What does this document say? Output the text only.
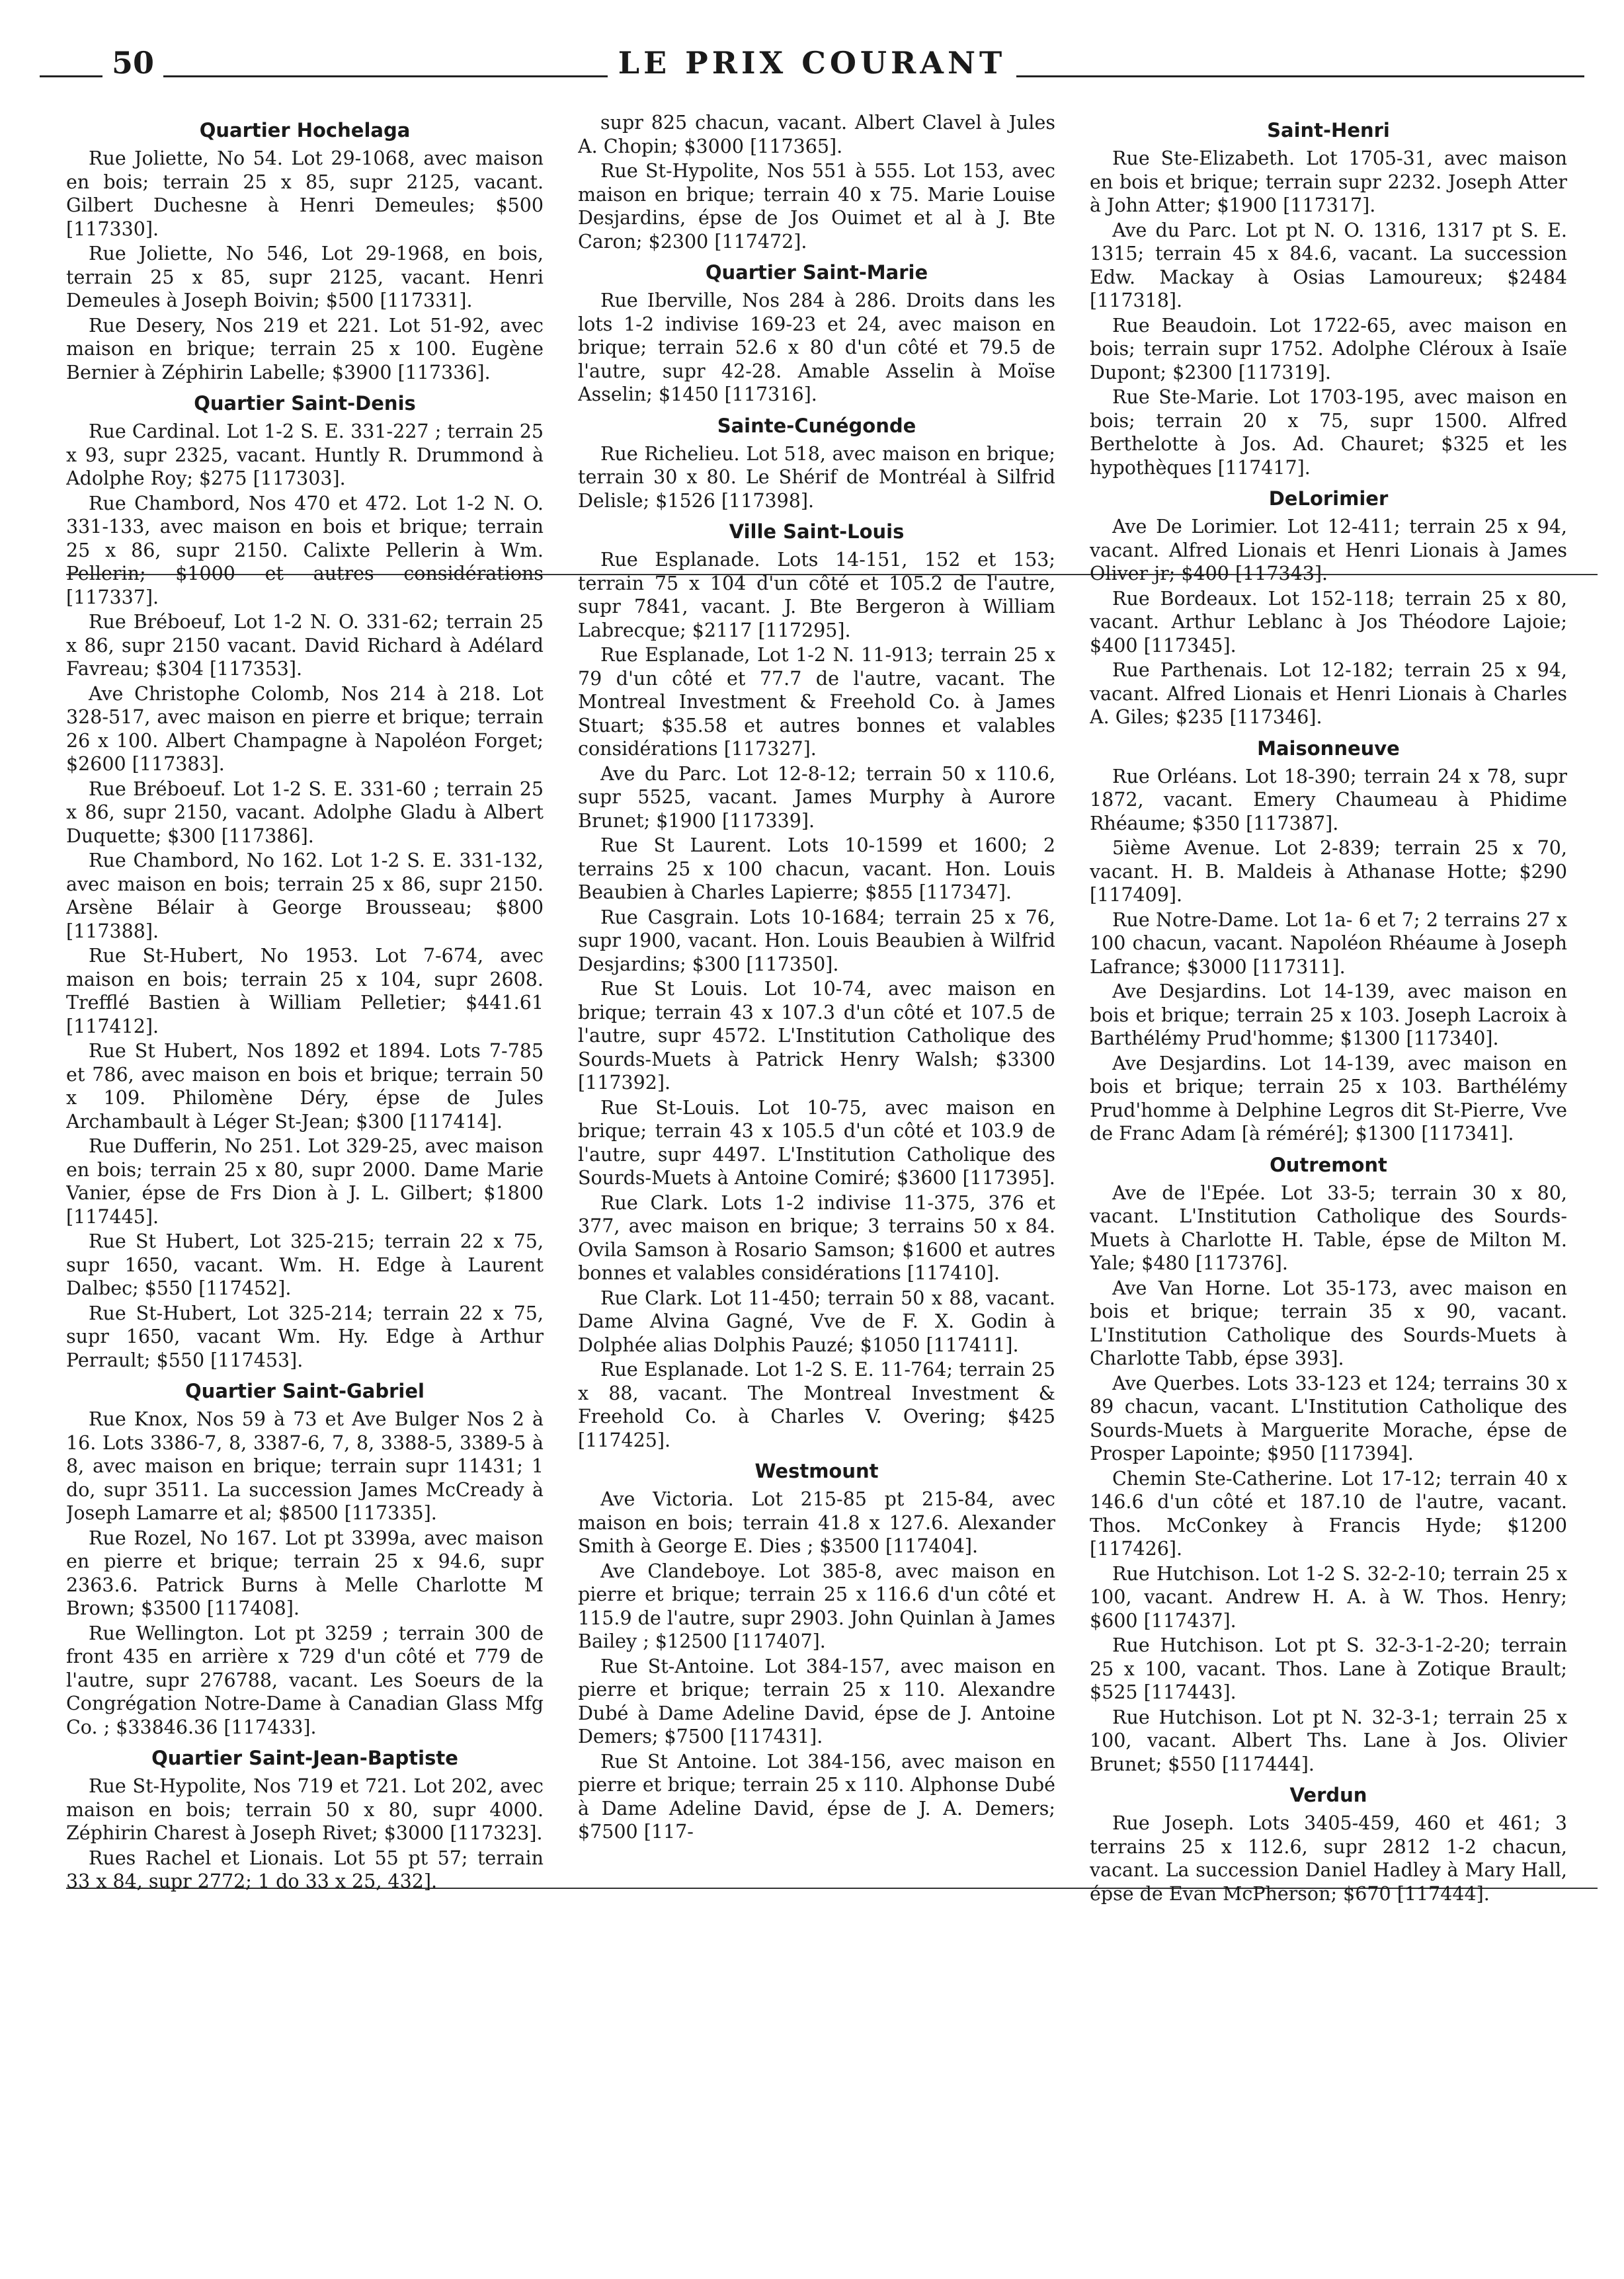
50	LE PRIX COURANT
Quartier Hochelaga

Rue Joliette, No 54. Lot 29-1068, avec maison en bois; terrain 25 x 85, supr 2125, vacant. Gilbert Duchesne à Henri Demeules; $500 [117330].

Rue Joliette, No 546, Lot 29-1968, en bois, terrain 25 x 85, supr 2125, vacant. Henri Demeules à Joseph Boivin; $500 [117331].

Rue Desery, Nos 219 et 221. Lot 51-92, avec maison en brique; terrain 25 x 100. Eugène Bernier à Zéphirin Labelle; $3900 [117336].

Quartier Saint-Denis

Rue Cardinal. Lot 1-2 S. E. 331-227 ; terrain 25 x 93, supr 2325, vacant. Huntly R. Drummond à Adolphe Roy; $275 [117303].

Rue Chambord, Nos 470 et 472. Lot 1-2 N. O. 331-133, avec maison en bois et brique; terrain 25 x 86, supr 2150. Calixte Pellerin à Wm. Pellerin; $1000 et autres considérations [117337].

Rue Bréboeuf, Lot 1-2 N. O. 331-62; terrain 25 x 86, supr 2150 vacant. David Richard à Adélard Favreau; $304 [117353].

Ave Christophe Colomb, Nos 214 à 218. Lot 328-517, avec maison en pierre et brique; terrain 26 x 100. Albert Champagne à Napoléon Forget; $2600 [117383].

Rue Bréboeuf. Lot 1-2 S. E. 331-60 ; terrain 25 x 86, supr 2150, vacant. Adolphe Gladu à Albert Duquette; $300 [117386].

Rue Chambord, No 162. Lot 1-2 S. E. 331-132, avec maison en bois; terrain 25 x 86, supr 2150. Arsène Bélair à George Brousseau; $800 [117388].

Rue St-Hubert, No 1953. Lot 7-674, avec maison en bois; terrain 25 x 104, supr 2608. Trefflé Bastien à William Pelletier; $441.61 [117412].

Rue St Hubert, Nos 1892 et 1894. Lots 7-785 et 786, avec maison en bois et brique; terrain 50 x 109. Philomène Déry, épse de Jules Archambault à Léger St-Jean; $300 [117414].

Rue Dufferin, No 251. Lot 329-25, avec maison en bois; terrain 25 x 80, supr 2000. Dame Marie Vanier, épse de Frs Dion à J. L. Gilbert; $1800 [117445].

Rue St Hubert, Lot 325-215; terrain 22 x 75, supr 1650, vacant. Wm. H. Edge à Laurent Dalbec; $550 [117452].

Rue St-Hubert, Lot 325-214; terrain 22 x 75, supr 1650, vacant Wm. Hy. Edge à Arthur Perrault; $550 [117453].

Quartier Saint-Gabriel

Rue Knox, Nos 59 à 73 et Ave Bulger Nos 2 à 16. Lots 3386-7, 8, 3387-6, 7, 8, 3388-5, 3389-5 à 8, avec maison en brique; terrain supr 11431; 1 do, supr 3511. La succession James McCready à Joseph Lamarre et al; $8500 [117335].

Rue Rozel, No 167. Lot pt 3399a, avec maison en pierre et brique; terrain 25 x 94.6, supr 2363.6. Patrick Burns à Melle Charlotte M Brown; $3500 [117408].

Rue Wellington. Lot pt 3259 ; terrain 300 de front 435 en arrière x 729 d'un côté et 779 de l'autre, supr 276788, vacant. Les Soeurs de la Congrégation Notre-Dame à Canadian Glass Mfg Co. ; $33846.36 [117433].

Quartier Saint-Jean-Baptiste

Rue St-Hypolite, Nos 719 et 721. Lot 202, avec maison en bois; terrain 50 x 80, supr 4000. Zéphirin Charest à Joseph Rivet; $3000 [117323].

Rues Rachel et Lionais. Lot 55 pt 57; terrain 33 x 84, supr 2772; 1 do 33 x 25, 432].

supr 825 chacun, vacant. Albert Clavel à Jules A. Chopin; $3000 [117365].

Rue St-Hypolite, Nos 551 à 555. Lot 153, avec maison en brique; terrain 40 x 75. Marie Louise Desjardins, épse de Jos Ouimet et al à J. Bte Caron; $2300 [117472].

Quartier Saint-Marie

Rue Iberville, Nos 284 à 286. Droits dans les lots 1-2 indivise 169-23 et 24, avec maison en brique; terrain 52.6 x 80 d'un côté et 79.5 de l'autre, supr 42-28. Amable Asselin à Moïse Asselin; $1450 [117316].

Sainte-Cunégonde

Rue Richelieu. Lot 518, avec maison en brique; terrain 30 x 80. Le Shérif de Montréal à Silfrid Delisle; $1526 [117398].

Ville Saint-Louis

Rue Esplanade. Lots 14-151, 152 et 153; terrain 75 x 104 d'un côté et 105.2 de l'autre, supr 7841, vacant. J. Bte Bergeron à William Labrecque; $2117 [117295].

Rue Esplanade, Lot 1-2 N. 11-913; terrain 25 x 79 d'un côté et 77.7 de l'autre, vacant. The Montreal Investment & Freehold Co. à James Stuart; $35.58 et autres bonnes et valables considérations [117327].

Ave du Parc. Lot 12-8-12; terrain 50 x 110.6, supr 5525, vacant. James Murphy à Aurore Brunet; $1900 [117339].

Rue St Laurent. Lots 10-1599 et 1600; 2 terrains 25 x 100 chacun, vacant. Hon. Louis Beaubien à Charles Lapierre; $855 [117347].

Rue Casgrain. Lots 10-1684; terrain 25 x 76, supr 1900, vacant. Hon. Louis Beaubien à Wilfrid Desjardins; $300 [117350].

Rue St Louis. Lot 10-74, avec maison en brique; terrain 43 x 107.3 d'un côté et 107.5 de l'autre, supr 4572. L'Institution Catholique des Sourds-Muets à Patrick Henry Walsh; $3300 [117392].

Rue St-Louis. Lot 10-75, avec maison en brique; terrain 43 x 105.5 d'un côté et 103.9 de l'autre, supr 4497. L'Institution Catholique des Sourds-Muets à Antoine Comiré; $3600 [117395].

Rue Clark. Lots 1-2 indivise 11-375, 376 et 377, avec maison en brique; 3 terrains 50 x 84. Ovila Samson à Rosario Samson; $1600 et autres bonnes et valables considérations [117410].

Rue Clark. Lot 11-450; terrain 50 x 88, vacant. Dame Alvina Gagné, Vve de F. X. Godin à Dolphée alias Dolphis Pauzé; $1050 [117411].

Rue Esplanade. Lot 1-2 S. E. 11-764; terrain 25 x 88, vacant. The Montreal Investment & Freehold Co. à Charles V. Overing; $425 [117425].

Westmount

Ave Victoria. Lot 215-85 pt 215-84, avec maison en bois; terrain 41.8 x 127.6. Alexander Smith à George E. Dies ; $3500 [117404].

Ave Clandeboye. Lot 385-8, avec maison en pierre et brique; terrain 25 x 116.6 d'un côté et 115.9 de l'autre, supr 2903. John Quinlan à James Bailey ; $12500 [117407].

Rue St-Antoine. Lot 384-157, avec maison en pierre et brique; terrain 25 x 110. Alexandre Dubé à Dame Adeline David, épse de J. Antoine Demers; $7500 [117431].

Rue St Antoine. Lot 384-156, avec maison en pierre et brique; terrain 25 x 110. Alphonse Dubé à Dame Adeline David, épse de J. A. Demers; $7500 [117-

Saint-Henri

Rue Ste-Elizabeth. Lot 1705-31, avec maison en bois et brique; terrain supr 2232. Joseph Atter à John Atter; $1900 [117317].

Ave du Parc. Lot pt N. O. 1316, 1317 pt S. E. 1315; terrain 45 x 84.6, vacant. La succession Edw. Mackay à Osias Lamoureux; $2484 [117318].

Rue Beaudoin. Lot 1722-65, avec maison en bois; terrain supr 1752. Adolphe Cléroux à Isaïe Dupont; $2300 [117319].

Rue Ste-Marie. Lot 1703-195, avec maison en bois; terrain 20 x 75, supr 1500. Alfred Berthelotte à Jos. Ad. Chauret; $325 et les hypothèques [117417].

DeLorimier

Ave De Lorimier. Lot 12-411; terrain 25 x 94, vacant. Alfred Lionais et Henri Lionais à James Oliver jr; $400 [117343].

Rue Bordeaux. Lot 152-118; terrain 25 x 80, vacant. Arthur Leblanc à Jos Théodore Lajoie; $400 [117345].

Rue Parthenais. Lot 12-182; terrain 25 x 94, vacant. Alfred Lionais et Henri Lionais à Charles A. Giles; $235 [117346].

Maisonneuve

Rue Orléans. Lot 18-390; terrain 24 x 78, supr 1872, vacant. Emery Chaumeau à Phidime Rhéaume; $350 [117387].

5ième Avenue. Lot 2-839; terrain 25 x 70, vacant. H. B. Maldeis à Athanase Hotte; $290 [117409].

Rue Notre-Dame. Lot 1a- 6 et 7; 2 terrains 27 x 100 chacun, vacant. Napoléon Rhéaume à Joseph Lafrance; $3000 [117311].

Ave Desjardins. Lot 14-139, avec maison en bois et brique; terrain 25 x 103. Joseph Lacroix à Barthélémy Prud'homme; $1300 [117340].

Ave Desjardins. Lot 14-139, avec maison en bois et brique; terrain 25 x 103. Barthélémy Prud'homme à Delphine Legros dit St-Pierre, Vve de Franc Adam [à réméré]; $1300 [117341].

Outremont

Ave de l'Epée. Lot 33-5; terrain 30 x 80, vacant. L'Institution Catholique des Sourds-Muets à Charlotte H. Table, épse de Milton M. Yale; $480 [117376].

Ave Van Horne. Lot 35-173, avec maison en bois et brique; terrain 35 x 90, vacant. L'Institution Catholique des Sourds-Muets à Charlotte Tabb, épse 393].

Ave Querbes. Lots 33-123 et 124; terrains 30 x 89 chacun, vacant. L'Institution Catholique des Sourds-Muets à Marguerite Morache, épse de Prosper Lapointe; $950 [117394].

Chemin Ste-Catherine. Lot 17-12; terrain 40 x 146.6 d'un côté et 187.10 de l'autre, vacant. Thos. McConkey à Francis Hyde; $1200 [117426].

Rue Hutchison. Lot 1-2 S. 32-2-10; terrain 25 x 100, vacant. Andrew H. A. à W. Thos. Henry; $600 [117437].

Rue Hutchison. Lot pt S. 32-3-1-2-20; terrain 25 x 100, vacant. Thos. Lane à Zotique Brault; $525 [117443].

Rue Hutchison. Lot pt N. 32-3-1; terrain 25 x 100, vacant. Albert Ths. Lane à Jos. Olivier Brunet; $550 [117444].

Verdun

Rue Joseph. Lots 3405-459, 460 et 461; 3 terrains 25 x 112.6, supr 2812 1-2 chacun, vacant. La succession Daniel Hadley à Mary Hall, épse de Evan McPherson; $670 [117444].
